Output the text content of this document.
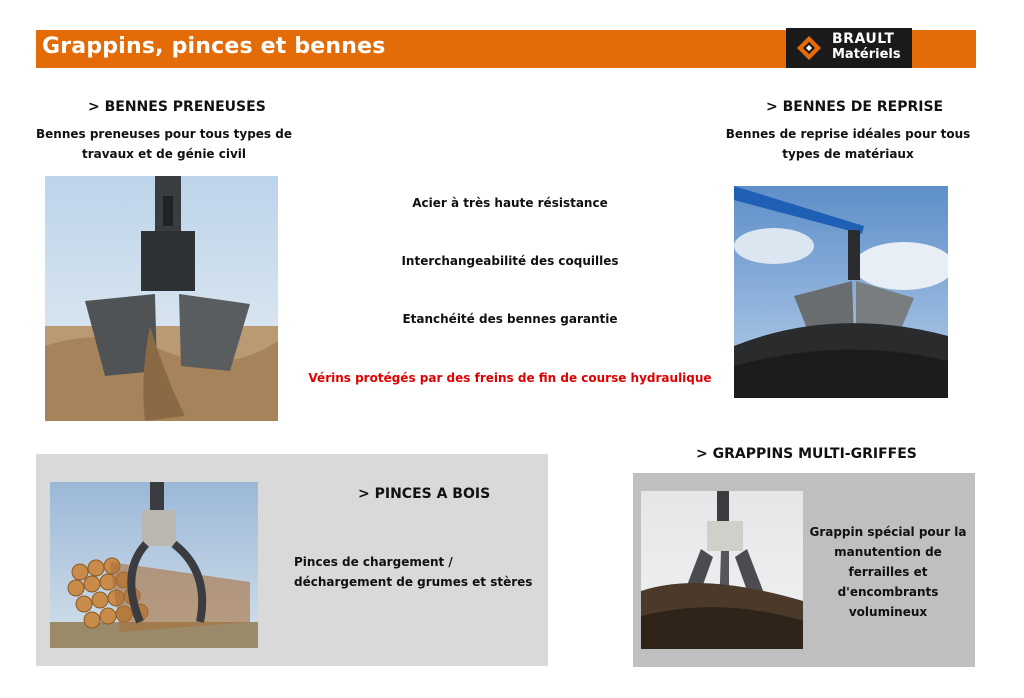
Grappins, pinces et bennes	BRAULT
Matériels
> BENNES PRENEUSES
Bennes preneuses pour tous types de
travaux et de génie civil
Acier à très haute résistance
Interchangeabilité des coquilles
Etanchéité des bennes garantie
Vérins protégés par des freins de fin de course hydraulique
> BENNES DE REPRISE
Bennes de reprise idéales pour tous
types de matériaux
> PINCES A BOIS
Pinces de chargement /
déchargement de grumes et stères
> GRAPPINS MULTI-GRIFFES
Grappin spécial pour la
manutention de
ferrailles et
d'encombrants
volumineux
